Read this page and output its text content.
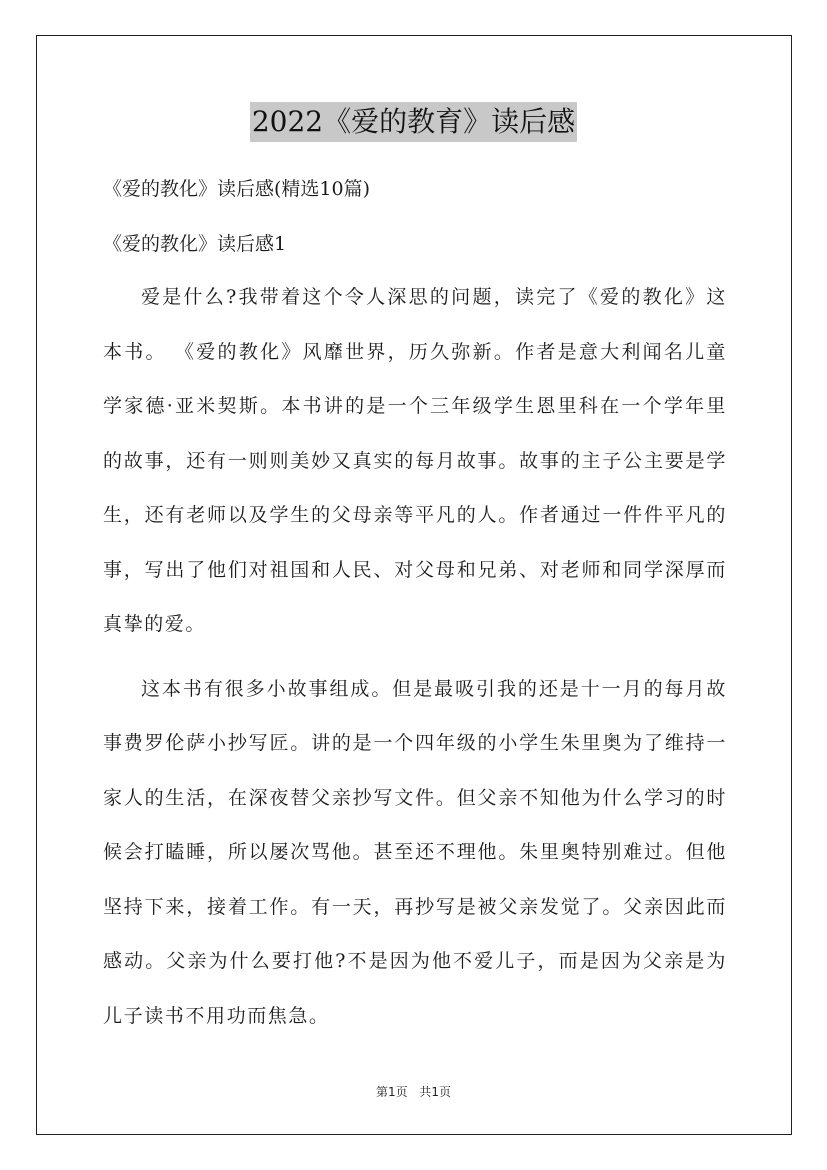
2022《爱的教育》读后感

《爱的教化》读后感(精选10篇)

《爱的教化》读后感1

爱是什么?我带着这个令人深思的问题，读完了《爱的教化》这本书。 《爱的教化》风靡世界，历久弥新。作者是意大利闻名儿童学家德·亚米契斯。本书讲的是一个三年级学生恩里科在一个学年里的故事，还有一则则美妙又真实的每月故事。故事的主子公主要是学生，还有老师以及学生的父母亲等平凡的人。作者通过一件件平凡的事，写出了他们对祖国和人民、对父母和兄弟、对老师和同学深厚而真挚的爱。

这本书有很多小故事组成。但是最吸引我的还是十一月的每月故事费罗伦萨小抄写匠。讲的是一个四年级的小学生朱里奥为了维持一家人的生活，在深夜替父亲抄写文件。但父亲不知他为什么学习的时候会打瞌睡，所以屡次骂他。甚至还不理他。朱里奥特别难过。但他坚持下来，接着工作。有一天，再抄写是被父亲发觉了。父亲因此而感动。父亲为什么要打他?不是因为他不爱儿子，而是因为父亲是为儿子读书不用功而焦急。

第1页 共1页
